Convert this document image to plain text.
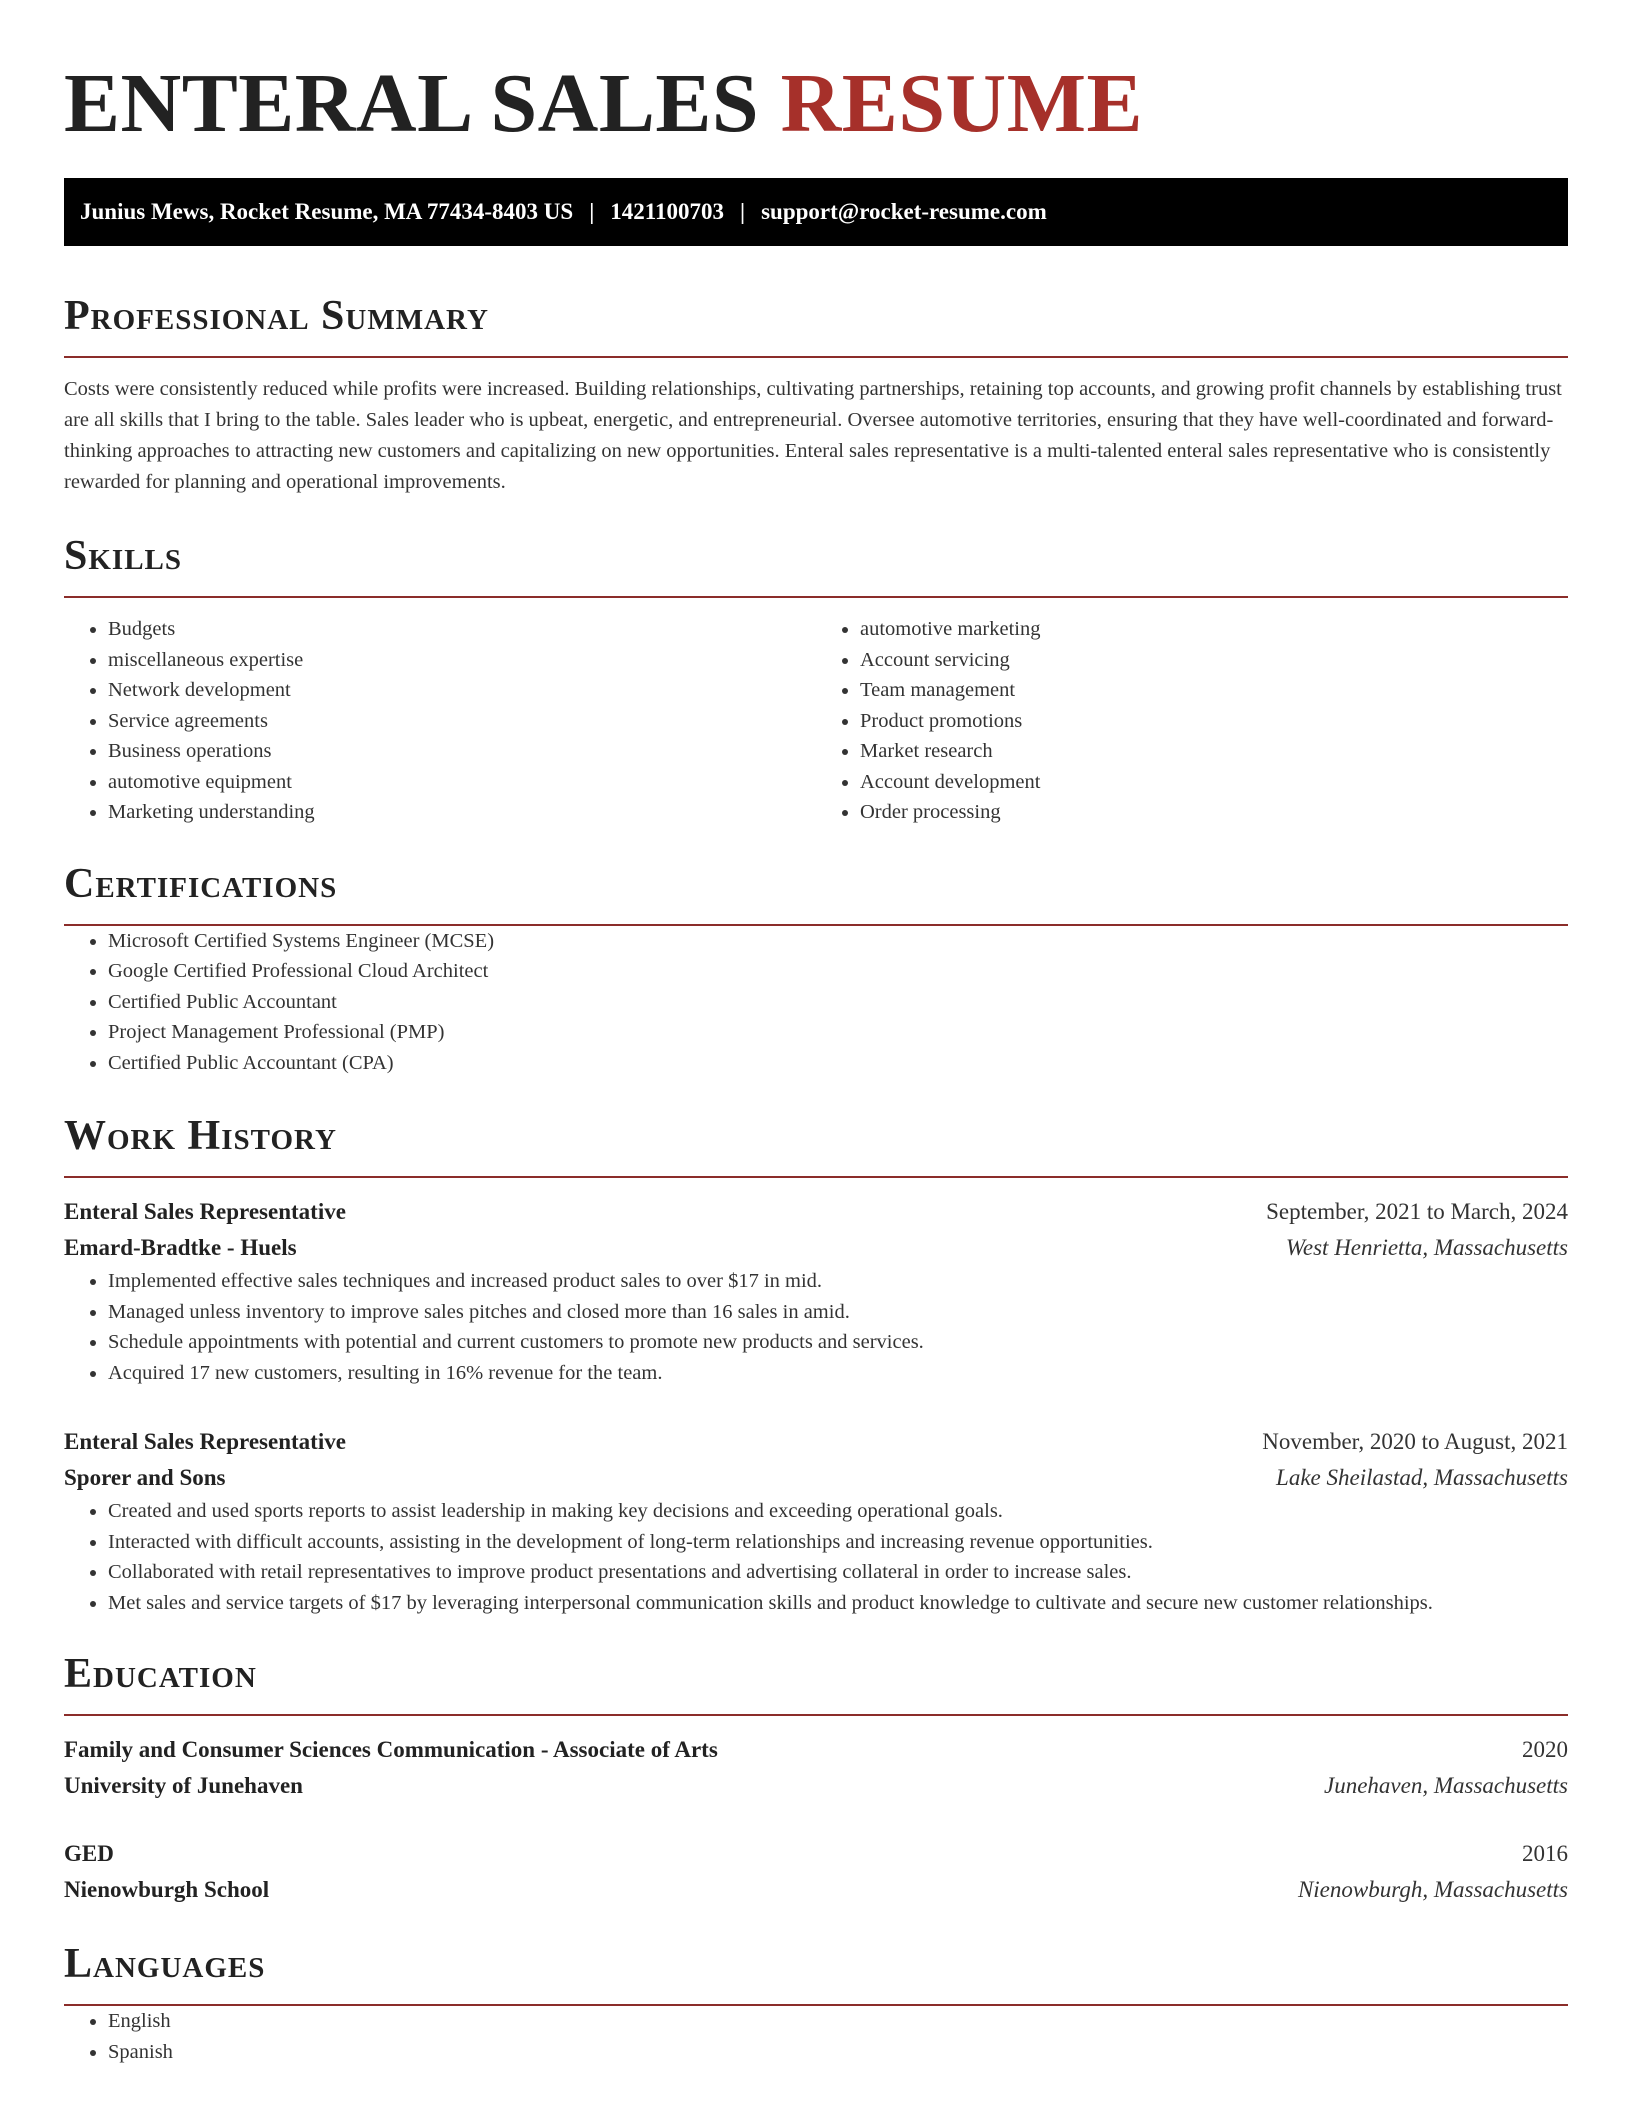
ENTERAL SALES RESUME
Junius Mews, Rocket Resume, MA 77434-8403 US | 1421100703 | support@rocket-resume.com
Professional Summary

Costs were consistently reduced while profits were increased. Building relationships, cultivating partnerships, retaining top accounts, and growing profit channels by establishing trust are all skills that I bring to the table. Sales leader who is upbeat, energetic, and entrepreneurial. Oversee automotive territories, ensuring that they have well-coordinated and forward-thinking approaches to attracting new customers and capitalizing on new opportunities. Enteral sales representative is a multi-talented enteral sales representative who is consistently rewarded for planning and operational improvements.

Skills
• Budgets
• miscellaneous expertise
• Network development
• Service agreements
• Business operations
• automotive equipment
• Marketing understanding
• automotive marketing
• Account servicing
• Team management
• Product promotions
• Market research
• Account development
• Order processing
Certifications
• Microsoft Certified Systems Engineer (MCSE)
• Google Certified Professional Cloud Architect
• Certified Public Accountant
• Project Management Professional (PMP)
• Certified Public Accountant (CPA)
Work History
Enteral Sales Representative	September, 2021 to March, 2024
Emard-Bradtke - Huels	West Henrietta, Massachusetts
• Implemented effective sales techniques and increased product sales to over $17 in mid.
• Managed unless inventory to improve sales pitches and closed more than 16 sales in amid.
• Schedule appointments with potential and current customers to promote new products and services.
• Acquired 17 new customers, resulting in 16% revenue for the team.
Enteral Sales Representative	November, 2020 to August, 2021
Sporer and Sons	Lake Sheilastad, Massachusetts
• Created and used sports reports to assist leadership in making key decisions and exceeding operational goals.
• Interacted with difficult accounts, assisting in the development of long-term relationships and increasing revenue opportunities.
• Collaborated with retail representatives to improve product presentations and advertising collateral in order to increase sales.
• Met sales and service targets of $17 by leveraging interpersonal communication skills and product knowledge to cultivate and secure new customer relationships.
Education
Family and Consumer Sciences Communication - Associate of Arts	2020
University of Junehaven	Junehaven, Massachusetts
GED	2016
Nienowburgh School	Nienowburgh, Massachusetts
Languages
• English
• Spanish
